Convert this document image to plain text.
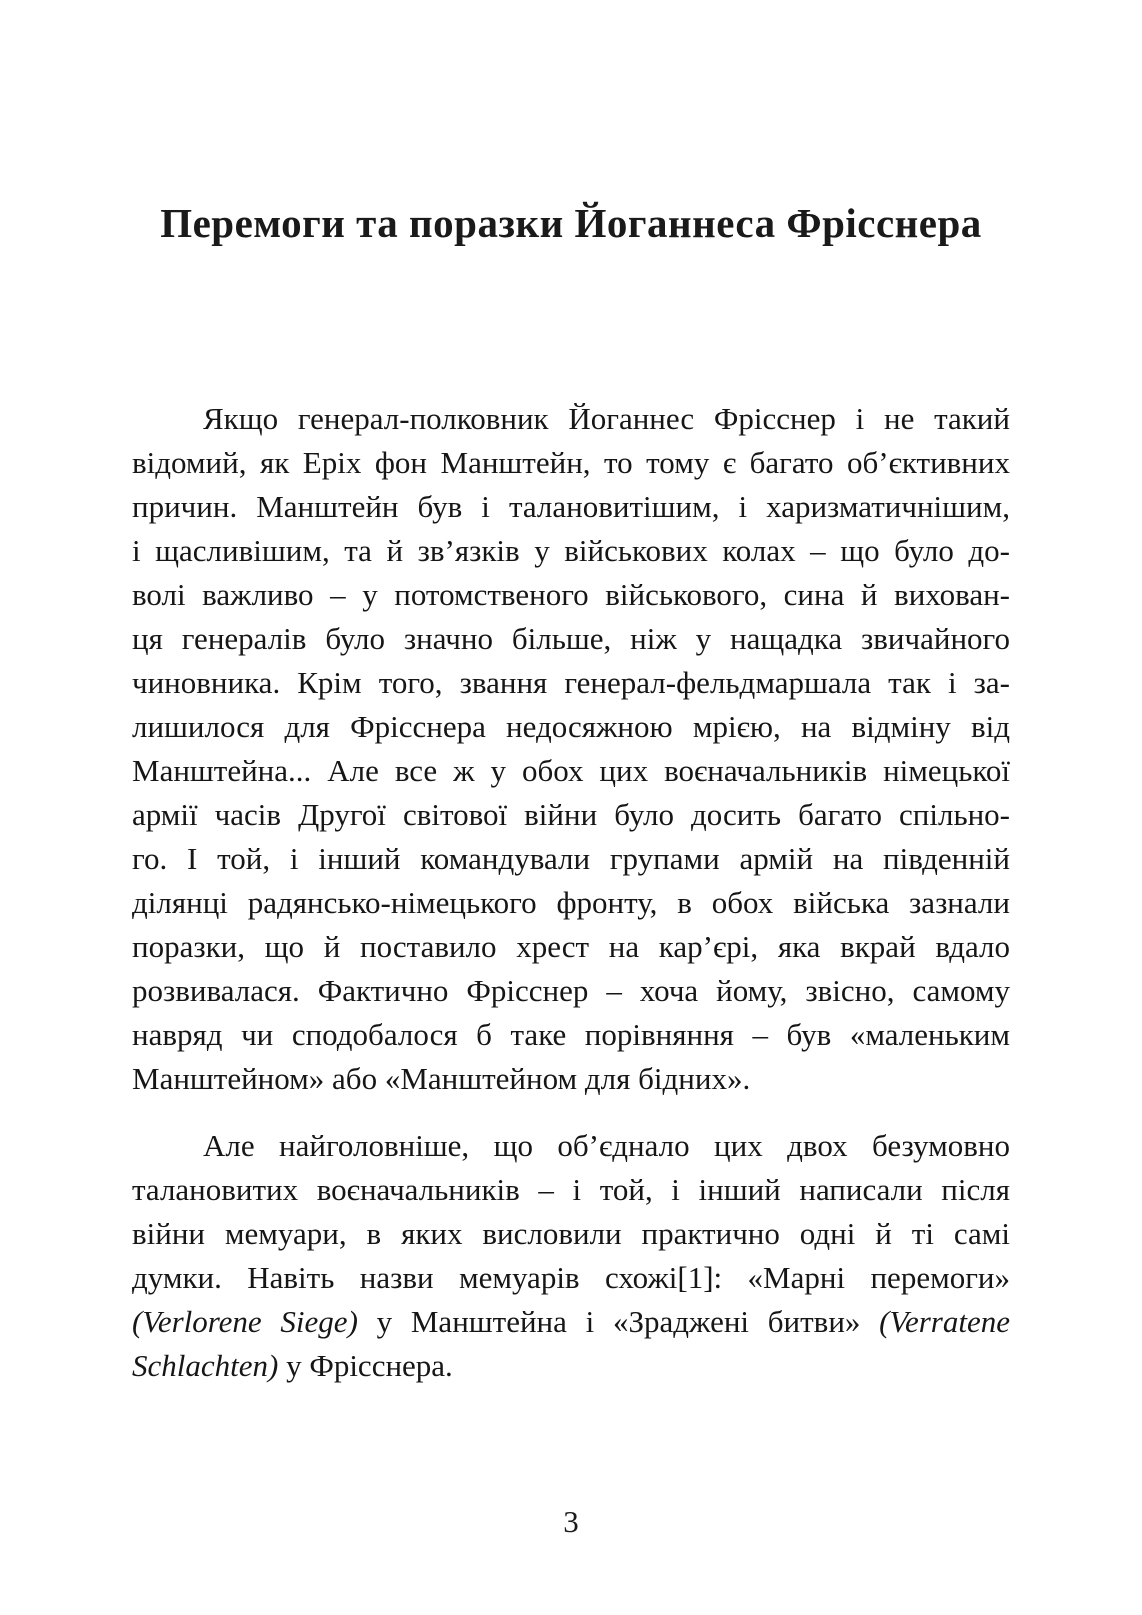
Перемоги та поразки Йоганнеса Фрісснера
Якщо генерал-полковник Йоганнес Фрісснер і не такий
відомий, як Еріх фон Манштейн, то тому є багато об’єктивних
причин. Манштейн був і талановитішим, і харизматичнішим,
і щасливішим, та й зв’язків у військових колах – що було до-
волі важливо – у потомственого військового, сина й вихован-
ця генералів було значно більше, ніж у нащадка звичайного
чиновника. Крім того, звання генерал-фельдмаршала так і за-
лишилося для Фрісснера недосяжною мрією, на відміну від
Манштейна... Але все ж у обох цих воєначальників німецької
армії часів Другої світової війни було досить багато спільно-
го. І той, і інший командували групами армій на південній
ділянці радянсько-німецького фронту, в обох війська зазнали
поразки, що й поставило хрест на кар’єрі, яка вкрай вдало
розвивалася. Фактично Фрісснер – хоча йому, звісно, самому
навряд чи сподобалося б таке порівняння – був «маленьким
Манштейном» або «Манштейном для бідних».
Але найголовніше, що об’єднало цих двох безумовно
талановитих воєначальників – і той, і інший написали після
війни мемуари, в яких висловили практично одні й ті самі
думки. Навіть назви мемуарів схожі[1]: «Марні перемоги»
(Verlorene Siege) у Манштейна і «Зраджені битви» (Verratene
Schlachten) у Фрісснера.
3
